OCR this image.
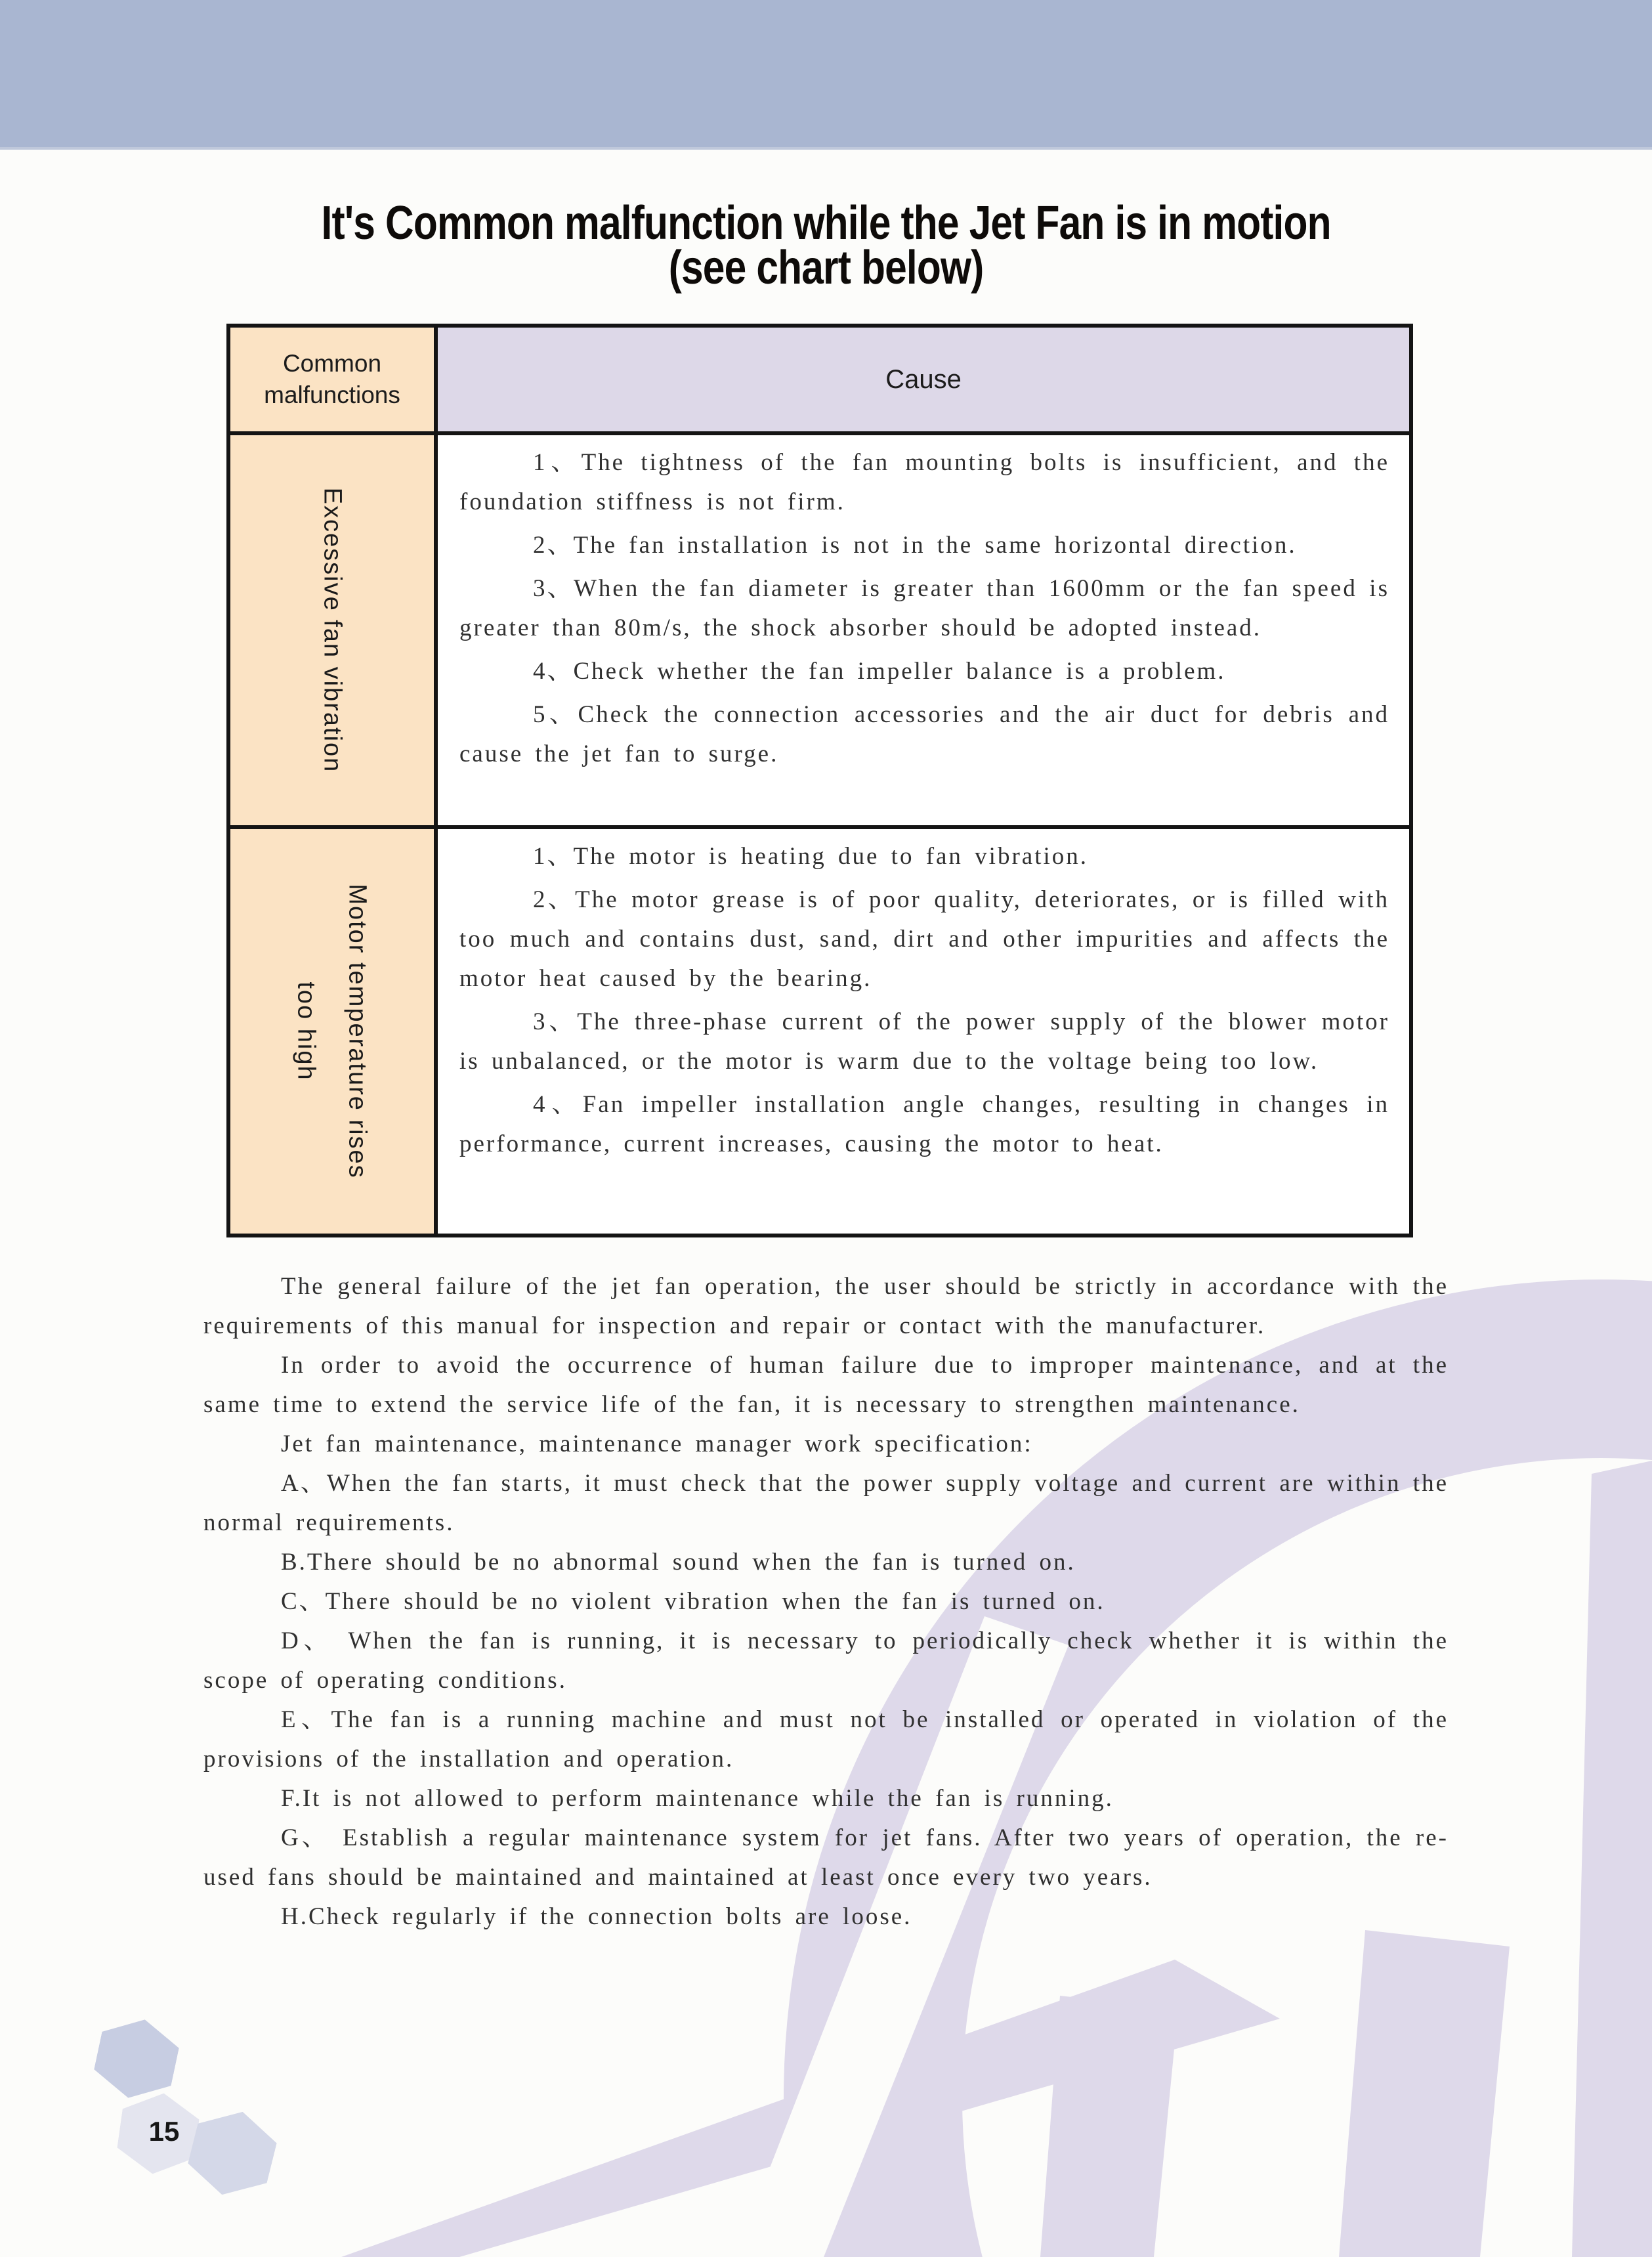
It's Common malfunction while the Jet Fan is in motion
(see chart below)
Common malfunctions
Cause
Excessive fan vibration

1、The tightness of the fan mounting bolts is insufficient, and the foundation stiffness is not firm.

2、The fan installation is not in the same horizontal direction.

3、When the fan diameter is greater than 1600mm or the fan speed is greater than 80m/s, the shock absorber should be adopted instead.

4、Check whether the fan impeller balance is a problem.

5、Check the connection accessories and the air duct for debris and cause the jet fan to surge.

Motor temperature rises
too high

1、The motor is heating due to fan vibration.

2、The motor grease is of poor quality, deteriorates, or is filled with too much and contains dust, sand, dirt and other impurities and affects the motor heat caused by the bearing.

3、The three-phase current of the power supply of the blower motor is unbalanced, or the motor is warm due to the voltage being too low.

4、Fan impeller installation angle changes, resulting in changes in performance, current increases, causing the motor to heat.

The general failure of the jet fan operation, the user should be strictly in accordance with the requirements of this manual for inspection and repair or contact with the manufacturer.

In order to avoid the occurrence of human failure due to improper maintenance, and at the same time to extend the service life of the fan, it is necessary to strengthen maintenance.

Jet fan maintenance, maintenance manager work specification:

A、When the fan starts, it must check that the power supply voltage and current are within the normal requirements.

B.There should be no abnormal sound when the fan is turned on.

C、There should be no violent vibration when the fan is turned on.

D、 When the fan is running, it is necessary to periodically check whether it is within the scope of operating conditions.

E、The fan is a running machine and must not be installed or operated in violation of the provisions of the installation and operation.

F.It is not allowed to perform maintenance while the fan is running.

G、 Establish a regular maintenance system for jet fans. After two years of operation, the re-used fans should be maintained and maintained at least once every two years.

H.Check regularly if the connection bolts are loose.

15
